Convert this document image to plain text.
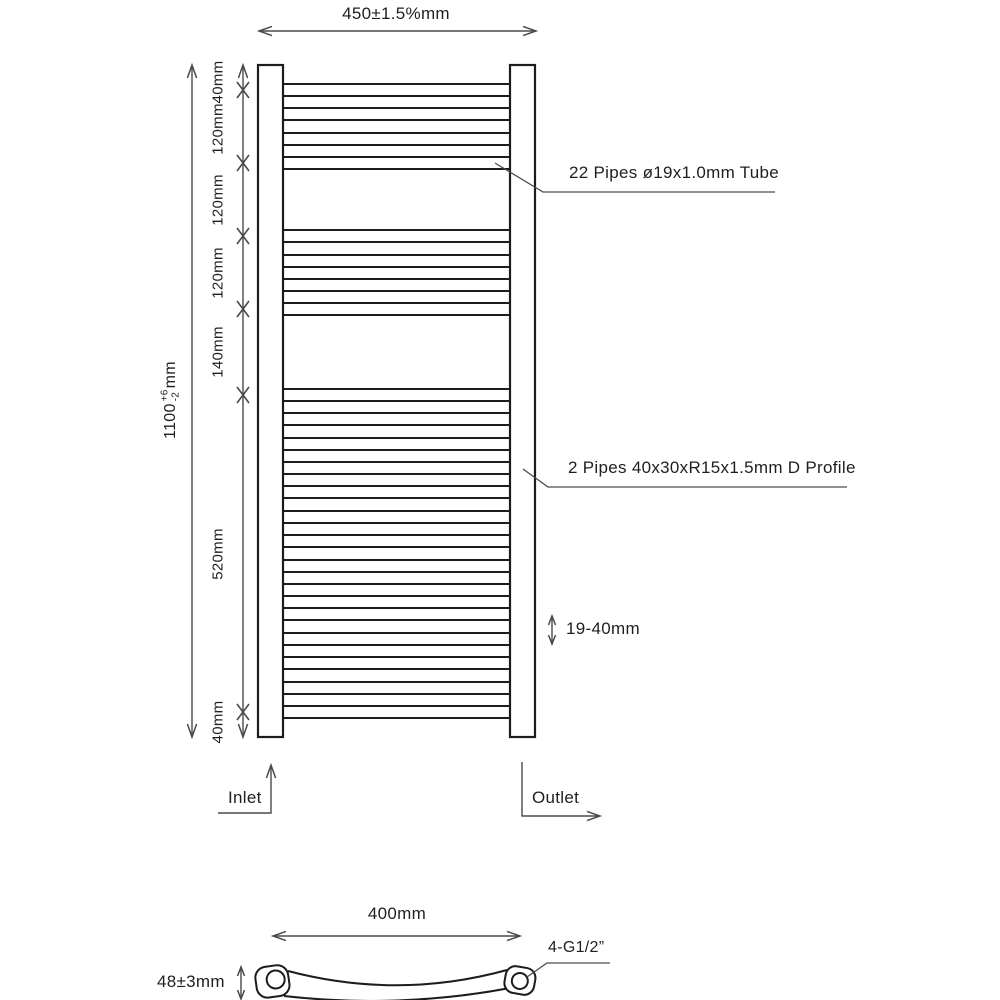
450±1.5%mm
1100
+6 -2
mm
40mm
120mm
120mm
120mm
140mm
520mm
40mm
22 Pipes ø19x1.0mm Tube
2 Pipes 40x30xR15x1.5mm D Profile
19-40mm
Inlet	Outlet
400mm
48±3mm
4-G1/2”
